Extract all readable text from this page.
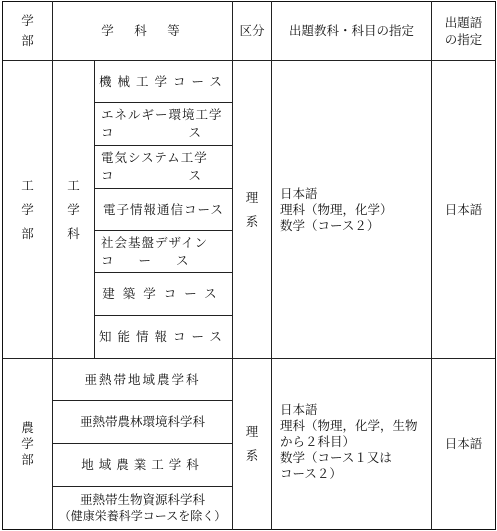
学
部
学　科　等	区分	出題教科・科目の指定
出題語
の指定
工
学
部
工
学
科
機械工学コース
エネルギー環境工学
コ　　　　　　ス
電気システム工学
コ　　　　　　ス
電子情報通信コース
社会基盤デザイン
コ　　ー　　ス
建築学コース
知能情報コース
理
系
日本語
理科（物理，化学）
数学（コース２）
日本語
農
学
部
亜熱帯地域農学科
亜熱帯農林環境科学科
地域農業工学科
亜熱帯生物資源科学科
（健康栄養科学コースを除く）
理
系
日本語
理科（物理，化学，生物
から２科目）
数学（コース１又は
コース２）
日本語
